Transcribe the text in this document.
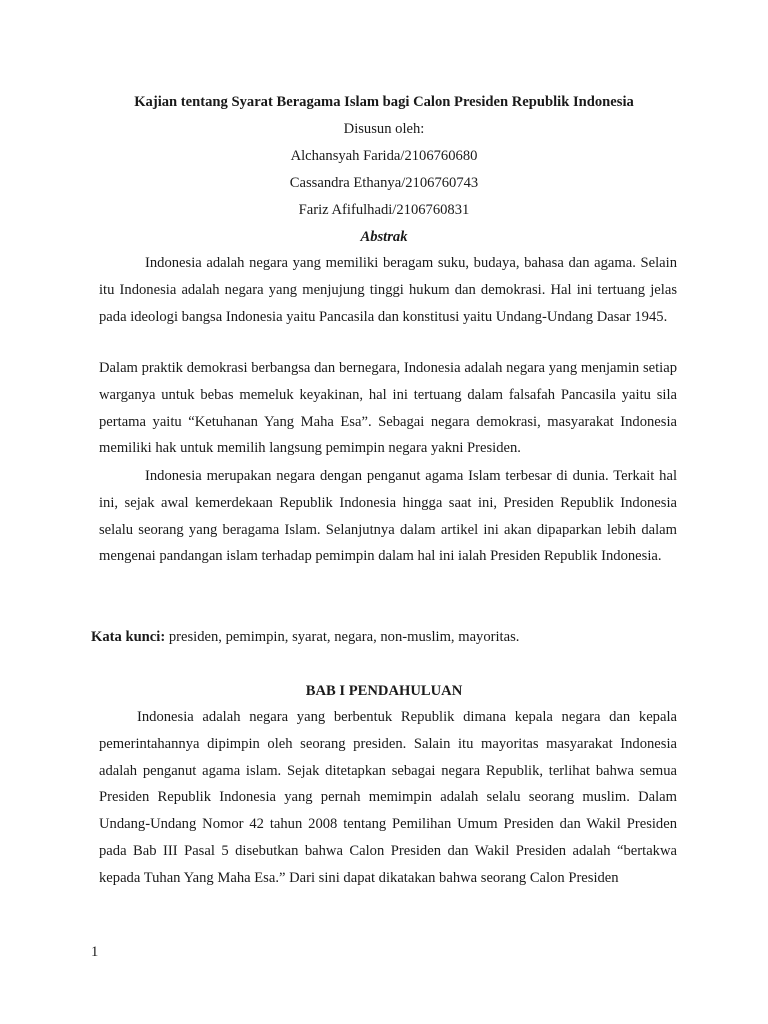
Kajian tentang Syarat Beragama Islam bagi Calon Presiden Republik Indonesia
Disusun oleh:
Alchansyah Farida/2106760680
Cassandra Ethanya/2106760743
Fariz Afifulhadi/2106760831
Abstrak

Indonesia adalah negara yang memiliki beragam suku, budaya, bahasa dan agama. Selain itu Indonesia adalah negara yang menjujung tinggi hukum dan demokrasi. Hal ini tertuang jelas pada ideologi bangsa Indonesia yaitu Pancasila dan konstitusi yaitu Undang-Undang Dasar 1945.

Dalam praktik demokrasi berbangsa dan bernegara, Indonesia adalah negara yang menjamin setiap warganya untuk bebas memeluk keyakinan, hal ini tertuang dalam falsafah Pancasila yaitu sila pertama yaitu “Ketuhanan Yang Maha Esa”. Sebagai negara demokrasi, masyarakat Indonesia memiliki hak untuk memilih langsung pemimpin negara yakni Presiden.

Indonesia merupakan negara dengan penganut agama Islam terbesar di dunia. Terkait hal ini, sejak awal kemerdekaan Republik Indonesia hingga saat ini, Presiden Republik Indonesia selalu seorang yang beragama Islam. Selanjutnya dalam artikel ini akan dipaparkan lebih dalam mengenai pandangan islam terhadap pemimpin dalam hal ini ialah Presiden Republik Indonesia.

Kata kunci: presiden, pemimpin, syarat, negara, non-muslim, mayoritas.
BAB I PENDAHULUAN

Indonesia adalah negara yang berbentuk Republik dimana kepala negara dan kepala pemerintahannya dipimpin oleh seorang presiden. Salain itu mayoritas masyarakat Indonesia adalah penganut agama islam. Sejak ditetapkan sebagai negara Republik, terlihat bahwa semua Presiden Republik Indonesia yang pernah memimpin adalah selalu seorang muslim. Dalam Undang-Undang Nomor 42 tahun 2008 tentang Pemilihan Umum Presiden dan Wakil Presiden pada Bab III Pasal 5 disebutkan bahwa Calon Presiden dan Wakil Presiden adalah “bertakwa kepada Tuhan Yang Maha Esa.” Dari sini dapat dikatakan bahwa seorang Calon Presiden

1
